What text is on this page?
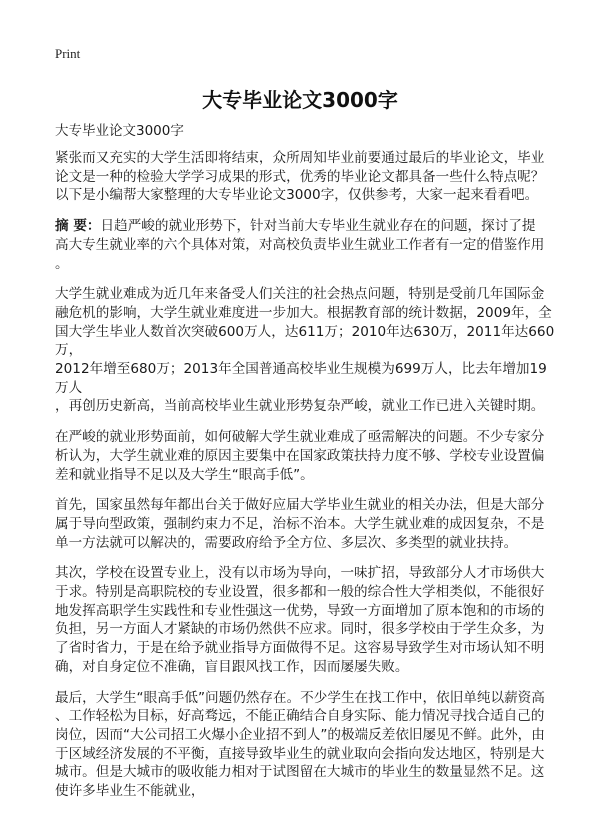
Print
大专毕业论文3000字
大专毕业论文3000字

紧张而又充实的大学生活即将结束，众所周知毕业前要通过最后的毕业论文，毕业
论文是一种的检验大学学习成果的形式，优秀的毕业论文都具备一些什么特点呢？
以下是小编帮大家整理的大专毕业论文3000字，仅供参考，大家一起来看看吧。

摘 要：日趋严峻的就业形势下，针对当前大专毕业生就业存在的问题，探讨了提
高大专生就业率的六个具体对策，对高校负责毕业生就业工作者有一定的借鉴作用
。

大学生就业难成为近几年来备受人们关注的社会热点问题，特别是受前几年国际金
融危机的影响，大学生就业难度进一步加大。根据教育部的统计数据，2009年，全
国大学生毕业人数首次突破600万人，达611万；2010年达630万，2011年达660万，
2012年增至680万；2013年全国普通高校毕业生规模为699万人，比去年增加19万人
，再创历史新高，当前高校毕业生就业形势复杂严峻，就业工作已进入关键时期。

在严峻的就业形势面前，如何破解大学生就业难成了亟需解决的问题。不少专家分
析认为，大学生就业难的原因主要集中在国家政策扶持力度不够、学校专业设置偏
差和就业指导不足以及大学生“眼高手低”。

首先，国家虽然每年都出台关于做好应届大学毕业生就业的相关办法，但是大部分
属于导向型政策，强制约束力不足，治标不治本。大学生就业难的成因复杂，不是
单一方法就可以解决的，需要政府给予全方位、多层次、多类型的就业扶持。

其次，学校在设置专业上，没有以市场为导向，一味扩招，导致部分人才市场供大
于求。特别是高职院校的专业设置，很多都和一般的综合性大学相类似，不能很好
地发挥高职学生实践性和专业性强这一优势，导致一方面增加了原本饱和的市场的
负担，另一方面人才紧缺的市场仍然供不应求。同时，很多学校由于学生众多，为
了省时省力，于是在给予就业指导方面做得不足。这容易导致学生对市场认知不明
确，对自身定位不准确，盲目跟风找工作，因而屡屡失败。

最后，大学生“眼高手低”问题仍然存在。不少学生在找工作中，依旧单纯以薪资高
、工作轻松为目标，好高骛远，不能正确结合自身实际、能力情况寻找合适自己的
岗位，因而“大公司招工火爆小企业招不到人”的极端反差依旧屡见不鲜。此外，由
于区域经济发展的不平衡，直接导致毕业生的就业取向会指向发达地区，特别是大
城市。但是大城市的吸收能力相对于试图留在大城市的毕业生的数量显然不足。这
使许多毕业生不能就业，
